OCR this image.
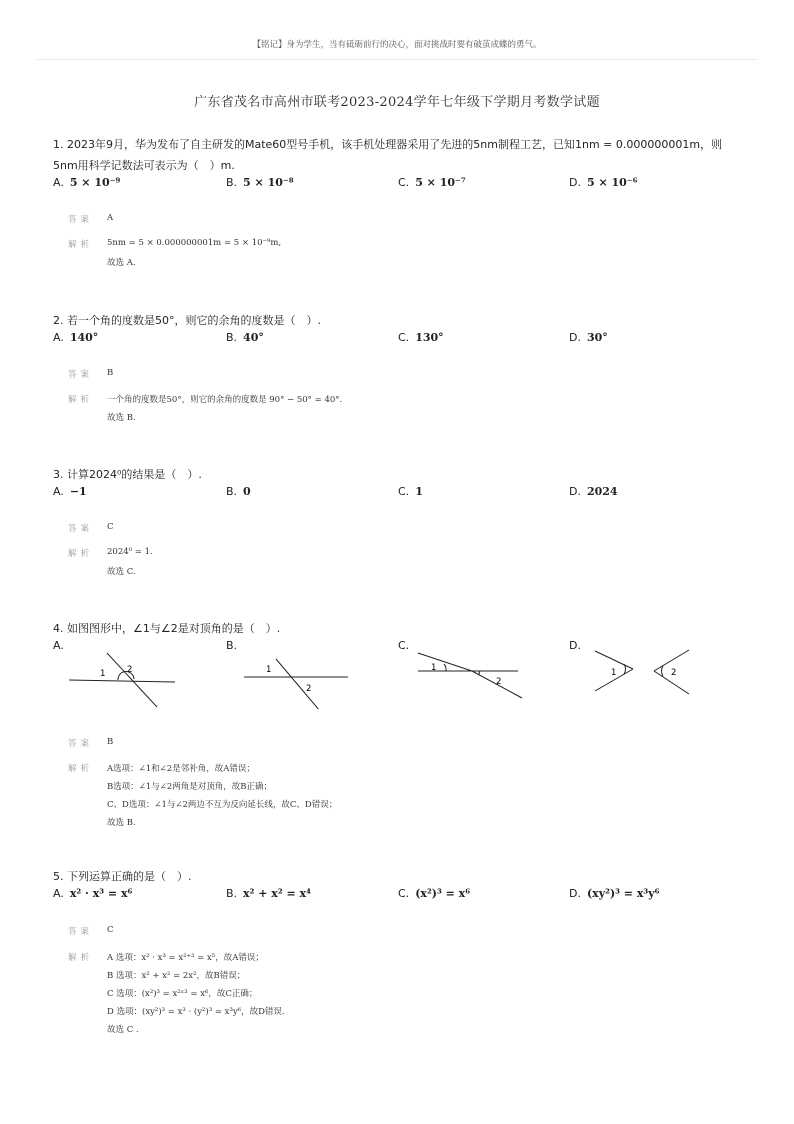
【铭记】身为学生，当有砥砺前行的决心，面对挑战时要有破茧成蝶的勇气。
广东省茂名市高州市联考2023-2024学年七年级下学期月考数学试题
1. 2023年9月，华为发布了自主研发的Mate60型号手机，该手机处理器采用了先进的5nm制程工艺，已知1nm = 0.000000001m，则5nm用科学记数法可表示为（　）m.
A. 5 × 10⁻⁹	B. 5 × 10⁻⁸	C. 5 × 10⁻⁷	D. 5 × 10⁻⁶
答案 A
解析 5nm = 5 × 0.000000001m = 5 × 10⁻⁹m,
故选 A.
2. 若一个角的度数是50°，则它的余角的度数是（　）.
A. 140°	B. 40°	C. 130°	D. 30°
答案 B
解析 一个角的度数是50°，则它的余角的度数是 90° − 50° = 40°.
故选 B.
3. 计算2024⁰的结果是（　）.
A. −1	B. 0	C. 1	D. 2024
答案 C
解析 2024⁰ = 1.
故选 C.
4. 如图图形中，∠1与∠2是对顶角的是（　）.
A.
1	2
B.
1
2
C.
1
2
D.
1	2
答案 B
解析 A选项：∠1和∠2是邻补角，故A错误；
B选项：∠1与∠2两角是对顶角，故B正确；
C、D选项：∠1与∠2两边不互为反向延长线，故C、D错误；
故选 B.
5. 下列运算正确的是（　）.
A. x² · x³ = x⁶	B. x² + x² = x⁴	C. (x²)³ = x⁶	D. (xy²)³ = x³y⁶
答案 C
解析 A 选项：x² · x³ = x²⁺³ = x⁵，故A错误；
B 选项：x² + x² = 2x²，故B错误；
C 选项：(x²)³ = x²ˣ³ = x⁶，故C正确；
D 选项：(xy²)³ = x³ · (y²)³ = x³y⁶，故D错误.
故选 C .
